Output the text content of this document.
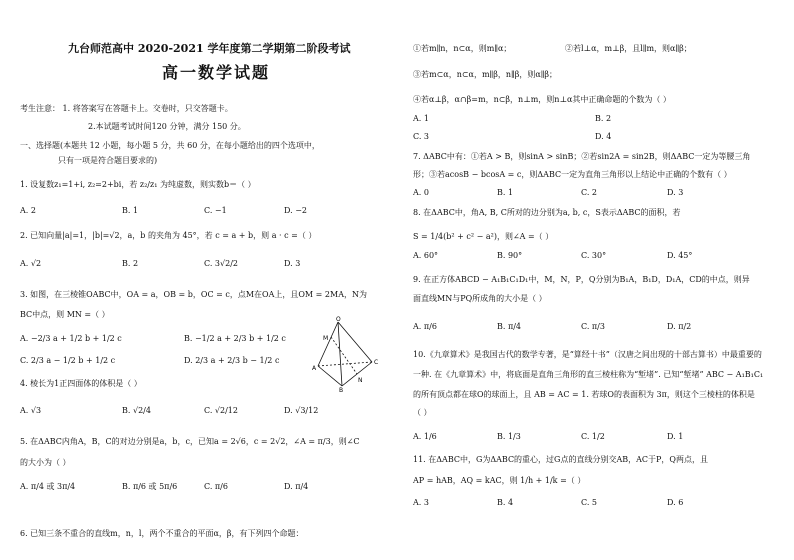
九台师范高中 2020-2021 学年度第二学期第二阶段考试
高一数学试题
考生注意： 1. 将答案写在答题卡上。交卷时，只交答题卡。
2.本试题考试时间120 分钟，满分 150 分。
一、选择题(本题共 12 小题，每小题 5 分，共 60 分，在每小题给出的四个选项中，
只有一项是符合题目要求的)
1. 设复数z₁=1+i, z₂=2+bi，若 z₂/z₁ 为纯虚数，则实数b＝（ ）
A. 2	B. 1	C. −1	D. −2
2. 已知向量|a|=1，|b|=√2，a，b 的夹角为 45°，若 c = a + b，则 a · c =（ ）
A. √2	B. 2	C. 3√2/2	D. 3
3. 如图，在三棱锥OABC中，OA = a，OB = b，OC = c，点M在OA上，且OM = 2MA，N为
BC中点，则 MN =（ ）
A. −2/3 a + 1/2 b + 1/2 c	B. −1/2 a + 2/3 b + 1/2 c
C. 2/3 a − 1/2 b + 1/2 c	D. 2/3 a + 2/3 b − 1/2 c
O
M
A
B
N
C
4. 棱长为1正四面体的体积是（ ）
A. √3	B. √2/4	C. √2/12	D. √3/12
5. 在ΔABC内角A，B，C的对边分别是a，b，c，已知a = 2√6，c = 2√2，∠A = π/3，则∠C
的大小为（ ）
A. π/4 或 3π/4	B. π/6 或 5π/6	C. π/6	D. π/4
6. 已知三条不重合的直线m，n，l，两个不重合的平面α，β，有下列四个命题：
①若m∥n，n⊂α，则m∥α；	②若l⊥α，m⊥β，且l∥m，则α∥β；
③若m⊂α，n⊂α，m∥β，n∥β，则α∥β；
④若α⊥β，α∩β=m，n⊂β，n⊥m，则n⊥α其中正确命题的个数为（ ）
A. 1	B. 2
C. 3	D. 4
7. ΔABC中有：①若A > B，则sinA > sinB；②若sin2A = sin2B，则ΔABC一定为等腰三角
形；③若acosB − bcosA = c，则ΔABC一定为直角三角形以上结论中正确的个数有（ ）
A. 0	B. 1	C. 2	D. 3
8. 在ΔABC中，角A, B, C所对的边分别为a, b, c，S表示ΔABC的面积，若
S = 1/4(b² + c² − a²)，则∠A =（ ）
A. 60°	B. 90°	C. 30°	D. 45°
9. 在正方体ABCD − A₁B₁C₁D₁中，M，N，P，Q分别为B₁A，B₁D，D₁A，CD的中点，则异
面直线MN与PQ所成角的大小是（ ）
A. π/6	B. π/4	C. π/3	D. π/2
10.《九章算术》是我国古代的数学专著，是“算经十书”（汉唐之间出现的十部古算书）中最重要的
一种. 在《九章算术》中，将底面是直角三角形的直三棱柱称为“堑堵”. 已知“堑堵” ABC − A₁B₁C₁
的所有顶点都在球O的球面上，且 AB = AC = 1. 若球O的表面积为 3π，则这个三棱柱的体积是
（ ）
A. 1/6	B. 1/3	C. 1/2	D. 1
11. 在ΔABC中，G为ΔABC的重心，过G点的直线分别交AB，AC于P，Q两点，且
AP = hAB，AQ = kAC，则 1/h + 1/k =（ ）
A. 3	B. 4	C. 5	D. 6
